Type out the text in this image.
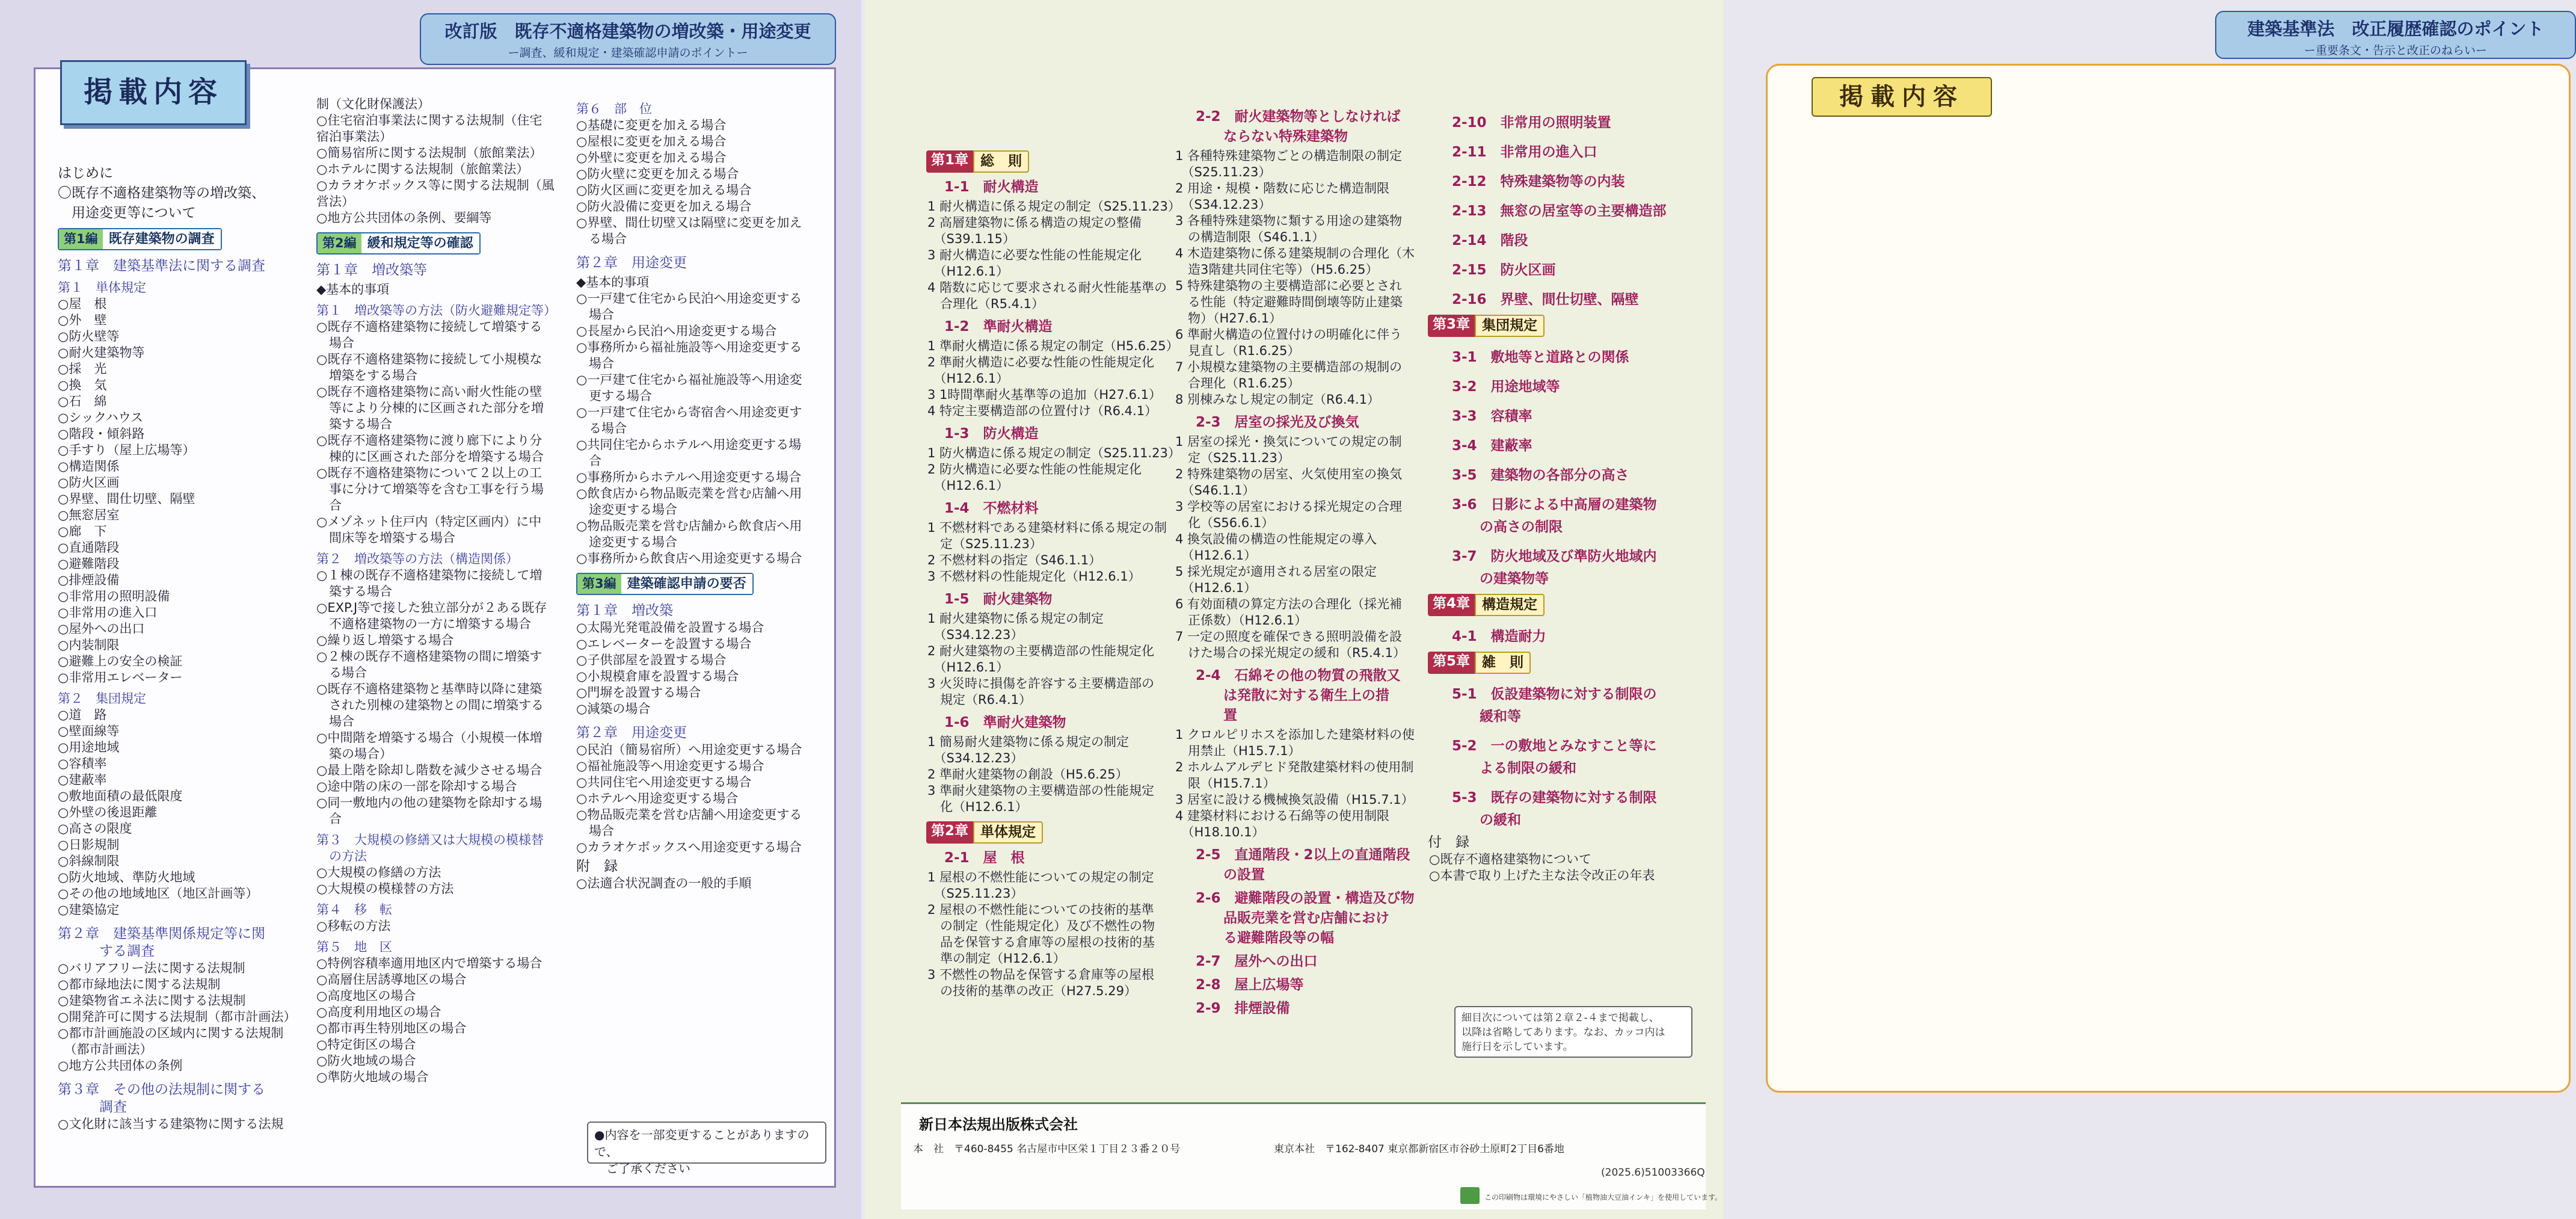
改訂版　既存不適格建築物の増改築・用途変更
ー調査、緩和規定・建築確認申請のポイントー
掲載内容
はじめに
〇既存不適格建築物等の増改築、
　用途変更等について
第1編 既存建築物の調査
第１章　建築基準法に関する調査
第１　単体規定
○屋　根
○外　壁
○防火壁等
○耐火建築物等
○採　光
○換　気
○石　綿
○シックハウス
○階段・傾斜路
○手すり（屋上広場等）
○構造関係
○防火区画
○界壁、間仕切壁、隔壁
○無窓居室
○廊　下
○直通階段
○避難階段
○排煙設備
○非常用の照明設備
○非常用の進入口
○屋外への出口
○内装制限
○避難上の安全の検証
○非常用エレベーター
第２　集団規定
○道　路
○壁面線等
○用途地域
○容積率
○建蔽率
○敷地面積の最低限度
○外壁の後退距離
○高さの限度
○日影規制
○斜線制限
○防火地域、準防火地域
○その他の地域地区（地区計画等）
○建築協定
第２章　建築基準関係規定等に関
　　　する調査
○バリアフリー法に関する法規制
○都市緑地法に関する法規制
○建築物省エネ法に関する法規制
○開発許可に関する法規制（都市計画法）
○都市計画施設の区域内に関する法規制
　（都市計画法）
○地方公共団体の条例
第３章　その他の法規制に関する
　　　調査
○文化財に該当する建築物に関する法規
制（文化財保護法）
○住宅宿泊事業法に関する法規制（住宅
宿泊事業法）
○簡易宿所に関する法規制（旅館業法）
○ホテルに関する法規制（旅館業法）
○カラオケボックス等に関する法規制（風
営法）
○地方公共団体の条例、要綱等
第2編 緩和規定等の確認
第１章　増改築等
◆基本的事項
第１　増改築等の方法（防火避難規定等）
○既存不適格建築物に接続して増築する
　場合
○既存不適格建築物に接続して小規模な
　増築をする場合
○既存不適格建築物に高い耐火性能の壁
　等により分棟的に区画された部分を増
　築する場合
○既存不適格建築物に渡り廊下により分
　棟的に区画された部分を増築する場合
○既存不適格建築物について２以上の工
　事に分けて増築等を含む工事を行う場
　合
○メゾネット住戸内（特定区画内）に中
　間床等を増築する場合
第２　増改築等の方法（構造関係）
○１棟の既存不適格建築物に接続して増
　築する場合
○EXP.J等で接した独立部分が２ある既存
　不適格建築物の一方に増築する場合
○繰り返し増築する場合
○２棟の既存不適格建築物の間に増築す
　る場合
○既存不適格建築物と基準時以降に建築
　された別棟の建築物との間に増築する
　場合
○中間階を増築する場合（小規模一体増
　築の場合）
○最上階を除却し階数を減少させる場合
○途中階の床の一部を除却する場合
○同一敷地内の他の建築物を除却する場
　合
第３　大規模の修繕又は大規模の模様替
　の方法
○大規模の修繕の方法
○大規模の模様替の方法
第４　移　転
○移転の方法
第５　地　区
○特例容積率適用地区内で増築する場合
○高層住居誘導地区の場合
○高度地区の場合
○高度利用地区の場合
○都市再生特別地区の場合
○特定街区の場合
○防火地域の場合
○準防火地域の場合
第６　部　位
○基礎に変更を加える場合
○屋根に変更を加える場合
○外壁に変更を加える場合
○防火壁に変更を加える場合
○防火区画に変更を加える場合
○防火設備に変更を加える場合
○界壁、間仕切壁又は隔壁に変更を加え
　る場合
第２章　用途変更
◆基本的事項
○一戸建て住宅から民泊へ用途変更する
　場合
○長屋から民泊へ用途変更する場合
○事務所から福祉施設等へ用途変更する
　場合
○一戸建て住宅から福祉施設等へ用途変
　更する場合
○一戸建て住宅から寄宿舎へ用途変更す
　る場合
○共同住宅からホテルへ用途変更する場
　合
○事務所からホテルへ用途変更する場合
○飲食店から物品販売業を営む店舗へ用
　途変更する場合
○物品販売業を営む店舗から飲食店へ用
　途変更する場合
○事務所から飲食店へ用途変更する場合
第3編 建築確認申請の要否
第１章　増改築
○太陽光発電設備を設置する場合
○エレベーターを設置する場合
○子供部屋を設置する場合
○小規模倉庫を設置する場合
○門塀を設置する場合
○減築の場合
第２章　用途変更
○民泊（簡易宿所）へ用途変更する場合
○福祉施設等へ用途変更する場合
○共同住宅へ用途変更する場合
○ホテルへ用途変更する場合
○物品販売業を営む店舗へ用途変更する
　場合
○カラオケボックスへ用途変更する場合
附　録
○法適合状況調査の一般的手順
●内容を一部変更することがありますので、
　ご了承ください
建築基準法　改正履歴確認のポイント
ー重要条文・告示と改正のねらいー
掲載内容
第1章 総　則
1-1　耐火構造
1 耐火構造に係る規定の制定（S25.11.23）
2 高層建築物に係る構造の規定の整備
　（S39.1.15）
3 耐火構造に必要な性能の性能規定化
　（H12.6.1）
4 階数に応じて要求される耐火性能基準の
　合理化（R5.4.1）
1-2　準耐火構造
1 準耐火構造に係る規定の制定（H5.6.25）
2 準耐火構造に必要な性能の性能規定化
　（H12.6.1）
3 1時間準耐火基準等の追加（H27.6.1）
4 特定主要構造部の位置付け（R6.4.1）
1-3　防火構造
1 防火構造に係る規定の制定（S25.11.23）
2 防火構造に必要な性能の性能規定化
　（H12.6.1）
1-4　不燃材料
1 不燃材料である建築材料に係る規定の制
　定（S25.11.23）
2 不燃材料の指定（S46.1.1）
3 不燃材料の性能規定化（H12.6.1）
1-5　耐火建築物
1 耐火建築物に係る規定の制定
　（S34.12.23）
2 耐火建築物の主要構造部の性能規定化
　（H12.6.1）
3 火災時に損傷を許容する主要構造部の
　規定（R6.4.1）
1-6　準耐火建築物
1 簡易耐火建築物に係る規定の制定
　（S34.12.23）
2 準耐火建築物の創設（H5.6.25）
3 準耐火建築物の主要構造部の性能規定
　化（H12.6.1）
第2章 単体規定
2-1　屋　根
1 屋根の不燃性能についての規定の制定
　（S25.11.23）
2 屋根の不燃性能についての技術的基準
　の制定（性能規定化）及び不燃性の物
　品を保管する倉庫等の屋根の技術的基
　準の制定（H12.6.1）
3 不燃性の物品を保管する倉庫等の屋根
　の技術的基準の改正（H27.5.29）
2-2　耐火建築物等としなければ
　　ならない特殊建築物
1 各種特殊建築物ごとの構造制限の制定
　（S25.11.23）
2 用途・規模・階数に応じた構造制限
　（S34.12.23）
3 各種特殊建築物に類する用途の建築物
　の構造制限（S46.1.1）
4 木造建築物に係る建築規制の合理化（木
　造3階建共同住宅等）（H5.6.25）
5 特殊建築物の主要構造部に必要とされ
　る性能（特定避難時間倒壊等防止建築
　物）（H27.6.1）
6 準耐火構造の位置付けの明確化に伴う
　見直し（R1.6.25）
7 小規模な建築物の主要構造部の規制の
　合理化（R1.6.25）
8 別棟みなし規定の制定（R6.4.1）
2-3　居室の採光及び換気
1 居室の採光・換気についての規定の制
　定（S25.11.23）
2 特殊建築物の居室、火気使用室の換気
　（S46.1.1）
3 学校等の居室における採光規定の合理
　化（S56.6.1）
4 換気設備の構造の性能規定の導入
　（H12.6.1）
5 採光規定が適用される居室の限定
　（H12.6.1）
6 有効面積の算定方法の合理化（採光補
　正係数）（H12.6.1）
7 一定の照度を確保できる照明設備を設
　けた場合の採光規定の緩和（R5.4.1）
2-4　石綿その他の物質の飛散又
　　は発散に対する衛生上の措
　　置
1 クロルピリホスを添加した建築材料の使
　用禁止（H15.7.1）
2 ホルムアルデヒド発散建築材料の使用制
　限（H15.7.1）
3 居室に設ける機械換気設備（H15.7.1）
4 建築材料における石綿等の使用制限
　（H18.10.1）
2-5　直通階段・2以上の直通階段
　　の設置
2-6　避難階段の設置・構造及び物
　　品販売業を営む店舗におけ
　　る避難階段等の幅
2-7　屋外への出口
2-8　屋上広場等
2-9　排煙設備
2-10　非常用の照明装置
2-11　非常用の進入口
2-12　特殊建築物等の内装
2-13　無窓の居室等の主要構造部
2-14　階段
2-15　防火区画
2-16　界壁、間仕切壁、隔壁
第3章 集団規定
3-1　敷地等と道路との関係
3-2　用途地域等
3-3　容積率
3-4　建蔽率
3-5　建築物の各部分の高さ
3-6　日影による中高層の建築物
　　の高さの制限
3-7　防火地域及び準防火地域内
　　の建築物等
第4章 構造規定
4-1　構造耐力
第5章 雑　則
5-1　仮設建築物に対する制限の
　　緩和等
5-2　一の敷地とみなすこと等に
　　よる制限の緩和
5-3　既存の建築物に対する制限
　　の緩和
付　録
○既存不適格建築物について
○本書で取り上げた主な法令改正の年表
細目次については第２章２-４まで掲載し、
以降は省略してあります。なお、カッコ内は
施行日を示しています。
新日本法規出版株式会社
本　社　〒460-8455 名古屋市中区栄１丁目２３番２０号	東京本社　〒162-8407 東京都新宿区市谷砂土原町2丁目6番地
(2025.6)51003366Q
この印刷物は環境にやさしい「植物油大豆油インキ」を使用しています。
